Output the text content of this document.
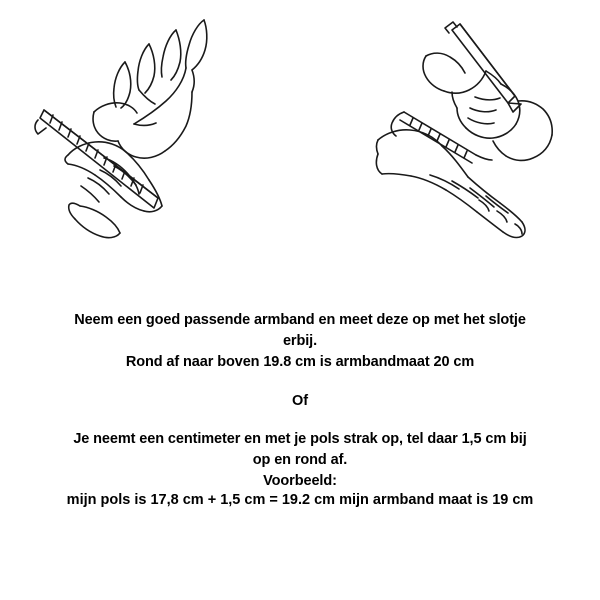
Neem een goed passende armband en meet deze op met het slotje
erbij.
Rond af naar boven 19.8 cm is armbandmaat 20 cm
Of
Je neemt een centimeter en met je pols strak op, tel daar 1,5 cm bij
op en rond af.
Voorbeeld:
mijn pols is 17,8 cm + 1,5 cm = 19.2 cm mijn armband maat is 19 cm
